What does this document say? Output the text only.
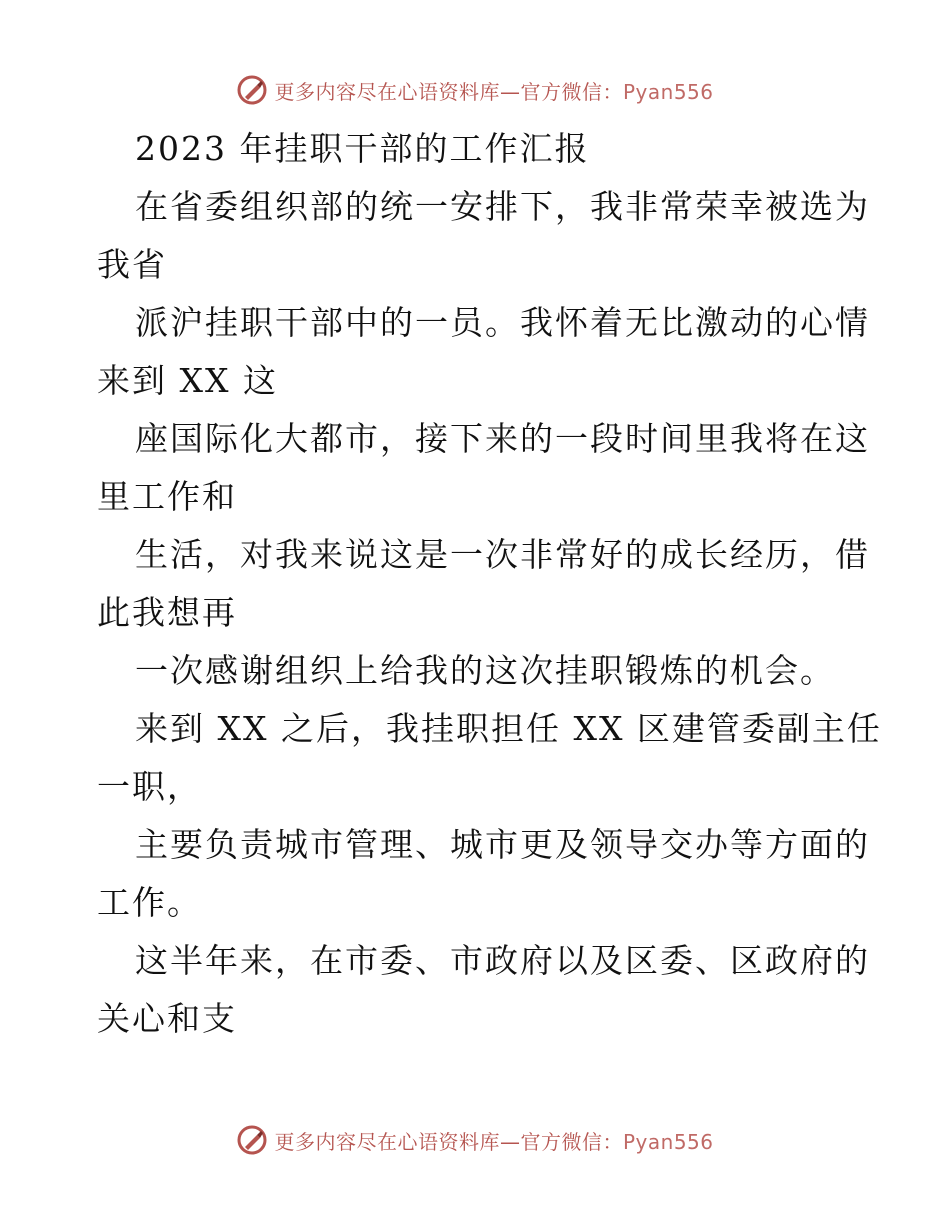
更多内容尽在心语资料库—官方微信：Pyan556
2023 年挂职干部的工作汇报
在省委组织部的统一安排下，我非常荣幸被选为
我省
派沪挂职干部中的一员。我怀着无比激动的心情
来到 XX 这
座国际化大都市，接下来的一段时间里我将在这
里工作和
生活，对我来说这是一次非常好的成长经历，借
此我想再
一次感谢组织上给我的这次挂职锻炼的机会。
来到 XX 之后，我挂职担任 XX 区建管委副主任
一职，
主要负责城市管理、城市更及领导交办等方面的
工作。
这半年来，在市委、市政府以及区委、区政府的
关心和支
更多内容尽在心语资料库—官方微信：Pyan556
